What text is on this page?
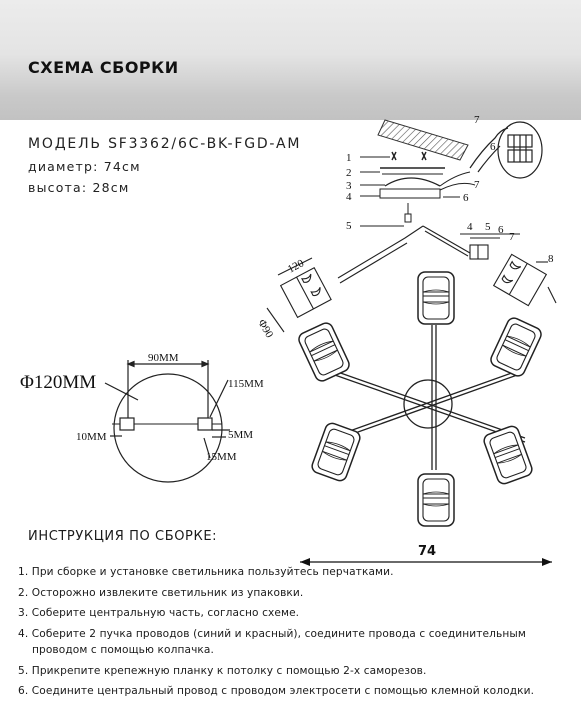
СХЕМА СБОРКИ
МОДЕЛЬ SF3362/6C-BK-FGD-AM
диаметр: 74см
высота: 28см
1
2
3
4
5
6
7
5
4 6
7
8
7
6
120
Φ90
Φ120MM
90MM
115MM
10MM	5MM
15MM
74
ИНСТРУКЦИЯ ПО СБОРКЕ:
1. При сборке и установке светильника пользуйтесь перчатками.
2. Осторожно извлеките светильник из упаковки.
3. Соберите центральную часть, согласно схеме.
4. Соберите 2 пучка проводов (синий и красный), соедините провода с соединительным
проводом с помощью колпачка.
5. Прикрепите крепежную планку к потолку с помощью 2-х саморезов.
6. Соедините центральный провод с проводом электросети с помощью клемной колодки.
